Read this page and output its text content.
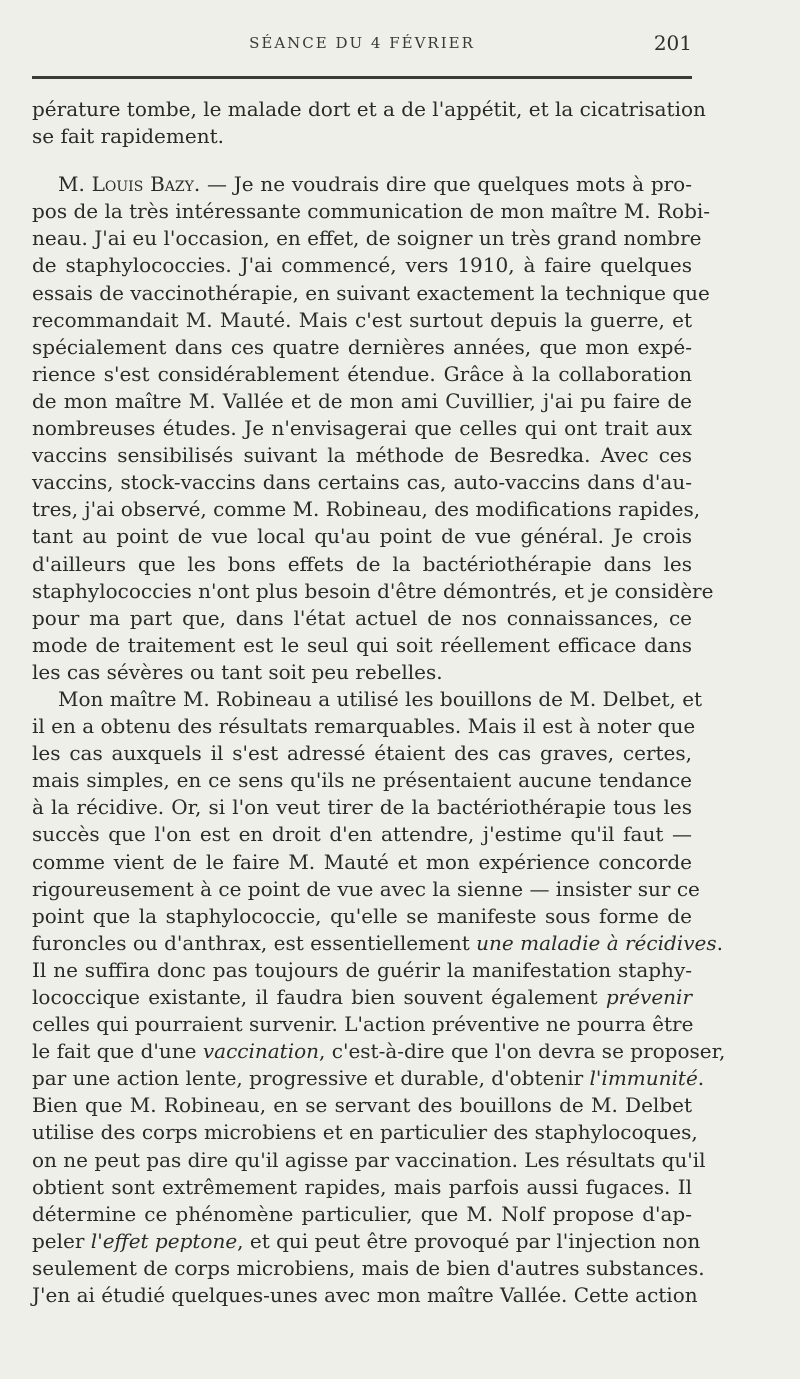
SÉANCE DU 4 FÉVRIER	201
pérature tombe, le malade dort et a de l'appétit, et la cicatrisation
se fait rapidement.
M. Louis Bazy. — Je ne voudrais dire que quelques mots à pro-
pos de la très intéressante communication de mon maître M. Robi-
neau. J'ai eu l'occasion, en effet, de soigner un très grand nombre
de staphylococcies. J'ai commencé, vers 1910, à faire quelques
essais de vaccinothérapie, en suivant exactement la technique que
recommandait M. Mauté. Mais c'est surtout depuis la guerre, et
spécialement dans ces quatre dernières années, que mon expé-
rience s'est considérablement étendue. Grâce à la collaboration
de mon maître M. Vallée et de mon ami Cuvillier, j'ai pu faire de
nombreuses études. Je n'envisagerai que celles qui ont trait aux
vaccins sensibilisés suivant la méthode de Besredka. Avec ces
vaccins, stock-vaccins dans certains cas, auto-vaccins dans d'au-
tres, j'ai observé, comme M. Robineau, des modifications rapides,
tant au point de vue local qu'au point de vue général. Je crois
d'ailleurs que les bons effets de la bactériothérapie dans les
staphylococcies n'ont plus besoin d'être démontrés, et je considère
pour ma part que, dans l'état actuel de nos connaissances, ce
mode de traitement est le seul qui soit réellement efficace dans
les cas sévères ou tant soit peu rebelles.
Mon maître M. Robineau a utilisé les bouillons de M. Delbet, et
il en a obtenu des résultats remarquables. Mais il est à noter que
les cas auxquels il s'est adressé étaient des cas graves, certes,
mais simples, en ce sens qu'ils ne présentaient aucune tendance
à la récidive. Or, si l'on veut tirer de la bactériothérapie tous les
succès que l'on est en droit d'en attendre, j'estime qu'il faut —
comme vient de le faire M. Mauté et mon expérience concorde
rigoureusement à ce point de vue avec la sienne — insister sur ce
point que la staphylococcie, qu'elle se manifeste sous forme de
furoncles ou d'anthrax, est essentiellement une maladie à récidives.
Il ne suffira donc pas toujours de guérir la manifestation staphy-
lococcique existante, il faudra bien souvent également prévenir
celles qui pourraient survenir. L'action préventive ne pourra être
le fait que d'une vaccination, c'est-à-dire que l'on devra se proposer,
par une action lente, progressive et durable, d'obtenir l'immunité.
Bien que M. Robineau, en se servant des bouillons de M. Delbet
utilise des corps microbiens et en particulier des staphylocoques,
on ne peut pas dire qu'il agisse par vaccination. Les résultats qu'il
obtient sont extrêmement rapides, mais parfois aussi fugaces. Il
détermine ce phénomène particulier, que M. Nolf propose d'ap-
peler l'effet peptone, et qui peut être provoqué par l'injection non
seulement de corps microbiens, mais de bien d'autres substances.
J'en ai étudié quelques-unes avec mon maître Vallée. Cette action
